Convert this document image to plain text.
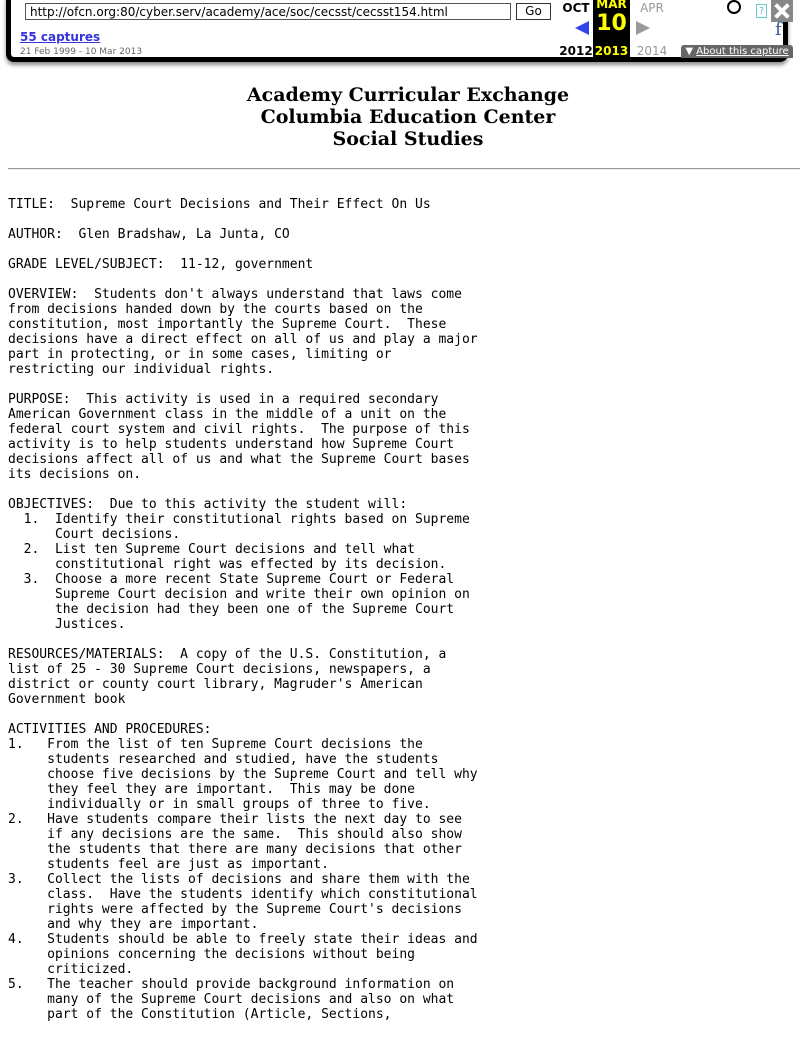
http://ofcn.org:80/cyber.serv/academy/ace/soc/cecsst/cecsst154.html
Go
55 captures
21 Feb 1999 - 10 Mar 2013
OCT
2012
MAR
10
2013
APR
2014
?
f
▼ About this capture
Academy Curricular Exchange
Columbia Education Center
Social Studies
TITLE:  Supreme Court Decisions and Their Effect On Us
AUTHOR:  Glen Bradshaw, La Junta, CO
GRADE LEVEL/SUBJECT:  11-12, government
OVERVIEW:  Students don't always understand that laws come
from decisions handed down by the courts based on the
constitution, most importantly the Supreme Court.  These
decisions have a direct effect on all of us and play a major
part in protecting, or in some cases, limiting or
restricting our individual rights.
PURPOSE:  This activity is used in a required secondary
American Government class in the middle of a unit on the
federal court system and civil rights.  The purpose of this
activity is to help students understand how Supreme Court
decisions affect all of us and what the Supreme Court bases
its decisions on.
OBJECTIVES:  Due to this activity the student will:
1.  Identify their constitutional rights based on Supreme
Court decisions.
2.  List ten Supreme Court decisions and tell what
constitutional right was effected by its decision.
3.  Choose a more recent State Supreme Court or Federal
Supreme Court decision and write their own opinion on
the decision had they been one of the Supreme Court
Justices.
RESOURCES/MATERIALS:  A copy of the U.S. Constitution, a
list of 25 - 30 Supreme Court decisions, newspapers, a
district or county court library, Magruder's American
Government book
ACTIVITIES AND PROCEDURES:
1.   From the list of ten Supreme Court decisions the
students researched and studied, have the students
choose five decisions by the Supreme Court and tell why
they feel they are important.  This may be done
individually or in small groups of three to five.
2.   Have students compare their lists the next day to see
if any decisions are the same.  This should also show
the students that there are many decisions that other
students feel are just as important.
3.   Collect the lists of decisions and share them with the
class.  Have the students identify which constitutional
rights were affected by the Supreme Court's decisions
and why they are important.
4.   Students should be able to freely state their ideas and
opinions concerning the decisions without being
criticized.
5.   The teacher should provide background information on
many of the Supreme Court decisions and also on what
part of the Constitution (Article, Sections,
